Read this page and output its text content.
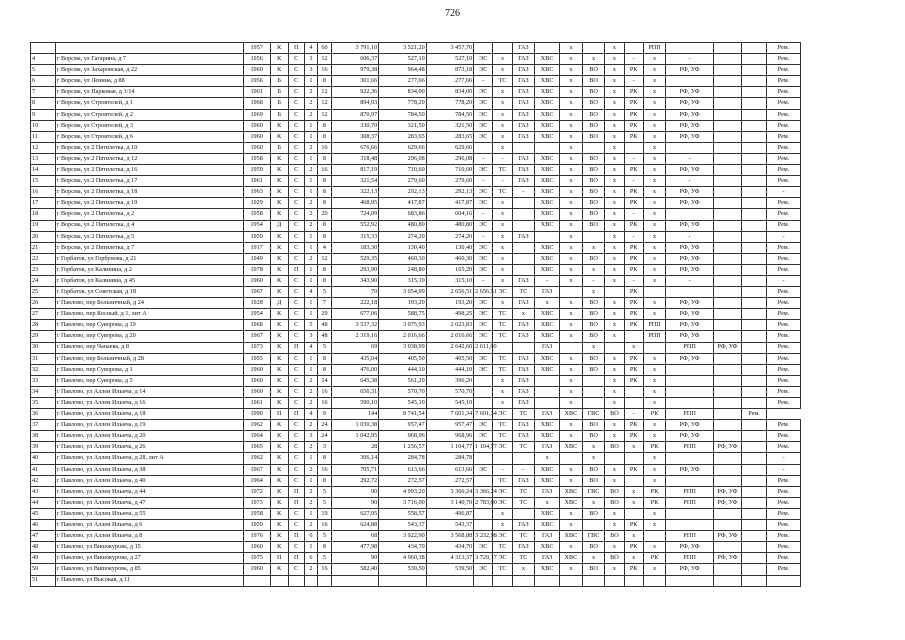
726
		1957	К	П	4	60	3 791,10	3 521,20	3 457,70			ГАЗ		х		х		РПП				Рем.
4	г Ворсма, ул Гагарина, д 7	1956	К	С	3	12	606,37	527,10	527,10	ЭС	х	ГАЗ	ХВС	х	х	х	-	х	-			Рем.
5	г Ворсма, ул Захаровская, д 22	1960	К	С	3	16	979,38	964,48	873,18	ЭС	х	ГАЗ	ХВС	х	ВО	х	РК	х	РФ, УФ			Рем.
6	г Ворсма, ул Ленина, д 88	1956	Б	С	1	8	301,66	277,66	277,66	-	ТС	ГАЗ	ХВС	х	ВО	х	-	х				Рем.
7	г Ворсма, ул Парковая, д 1/14	1961	Б	С	2	12	922,36	834,00	834,00	ЭС	х	ГАЗ	ХВС	х	ВО	х	РК	х	РФ, УФ			Рем.
8	г Ворсма, ул Строителей, д 1	1968	Б	С	2	12	894,93	778,20	778,20	ЭС	х	ГАЗ	ХВС	х	ВО	х	РК	х	РФ, УФ			Рем.
9	г Ворсма, ул Строителей, д 2	1969	Б	С	2	12	870,97	784,50	784,50	ЭС	х	ГАЗ	ХВС	х	ВО	х	РК	х	РФ, УФ			Рем.
10	г Ворсма, ул Строителей, д 3	1960	К	С	1	8	330,70	321,50	321,50	ЭС	х	ГАЗ	ХВС	х	ВО	х	РК	х	РФ, УФ			Рем.
11	г Ворсма, ул Строителей, д 6	1960	К	С	1	8	308,37	283,65	283,65	ЭС	х	ГАЗ	ХВС	х	ВО	х	РК	х	РФ, УФ			Рем.
12	г Ворсма, ул 2 Пятилетка, д 10	1960	Б	С	2	16	676,66	629,66	629,66		х			х		х		х				Рем.
13	г Ворсма, ул 2 Пятилетка, д 12	1958	К	С	1	8	318,48	296,08	296,08	-	-	ГАЗ	ХВС	х	ВО	х	-	х	-			Рем.
14	г Ворсма, ул 2 Пятилетка, д 16	1959	К	С	2	16	817,19	710,60	710,60	ЭС	ТС	ГАЗ	ХВС	х	ВО	х	РК	х	РФ, УФ			Рем.
15	г Ворсма, ул 2 Пятилетка, д 17	1961	К	С	1	8	321,54	279,60	279,60	-	-	ГАЗ	ХВС	х	ВО	х	-	х	-			Рем.
16	г Ворсма, ул 2 Пятилетка, д 18	1963	К	С	1	8	322,13	292,13	292,13	ЭС	ТС	-	ХВС	х	ВО	х	РК	х	РФ, УФ			-
17	г Ворсма, ул 2 Пятилетка, д 19	1929	К	С	2	8	468,95	417,87	417,87	ЭС	х		ХВС	х	ВО	х	РК	х	РФ, УФ			Рем.
18	г Ворсма, ул 2 Пятилетка, д 2	1958	К	С	2	20	724,09	683,86	604,16	-	х		ХВС	х	ВО	х	-	х				Рем.
19	г Ворсма, ул 2 Пятилетка, д 4	1954	Д	С	2	8	552,92	480,80	480,80	ЭС	х		ХВС	х	ВО	х	РК	х	РФ, УФ			Рем.
20	г Ворсма, ул 2 Пятилетка, д 5	1959	К	С	1	8	315,33	274,20	274,20	-	х	ГАЗ		х		х	-	х	-			-
21	г Ворсма, ул 2 Пятилетка, д 7	1917	К	С	1	4	183,30	130,40	130,40	ЭС	х		ХВС	х	х	х	РК	х	РФ, УФ			Рем.
22	г Горбатов, ул Горбунова, д 21	1949	К	С	2	12	529,35	460,30	460,30	ЭС	х		ХВС	х	ВО	х	РК	х	РФ, УФ			Рем.
23	г Горбатов, ул Калинина, д 2	1978	К	П	1	8	293,90	248,80	165,20	ЭС	х		ХВС	х	х	х	РК	х	РФ, УФ			Рем.
24	г Горбатов, ул Калинина, д 45	1960	К	С	1	8	343,90	315,10	315,10	-	х	ГАЗ	-	х	-	х	-	х	-			-
25	г Горбатов, ул Советская, д 18	1967	К	С	4	5	70	3 054,99	2 656,51	2 656,51	ЭС	ТС	ГАЗ		х		РК					Рем.
26	г Павлово, пер Больничный, д 24	1928	Д	С	1	7	222,18	193,20	193,20	ЭС	х	ГАЗ	х	х	ВО	х	РК	х	РФ, УФ			Рем.
27	г Павлово, пер Косный, д 1, лит А	1954	К	С	1	29	677,06	588,75	498,25	ЭС	ТС	х	ХВС	х	ВО	х	РК	х	РФ, УФ			Рем.
28	г Павлово, пер Суворова, д 19	1968	К	С	5	48	3 537,32	3 075,93	2 023,83	ЭС	ТС	ГАЗ	ХВС	х	ВО	х	РК	РПП	РФ, УФ			Рем.
29	г Павлово, пер Суворова, д 20	1967	К	С	3	48	2 319,16	2 016,66	2 016,66	ЭС	ТС	ГАЗ	ХВС	х	ВО	х		РПП	РФ, УФ			Рем.
30	г Павлово, пер Чапаева, д 8	1973	К	П	4	5	69	3 038,99	2 642,60	2 611,00			ГАЗ		х		х		РПП	РФ, УФ		Рем.
31	г Павлово, пер Больничный, д 28	1955	К	С	1	8	435,04	405,50	405,50	ЭС	ТС	ГАЗ	ХВС	х	ВО	х	РК	х	РФ, УФ			Рем.
32	г Павлово, пер Суворова, д 1	1960	К	С	1	8	476,00	444,10	444,10	ЭС	ТС	ГАЗ	ХВС	х	ВО	х	РК	х				Рем.
33	г Павлово, пер Суворова, д 5	1960	К	С	2	14	645,38	561,20	396,20		х	ГАЗ		х		х	РК	х				Рем.
34	г Павлово, ул Аллеи Ильича, д 14	1960	К	С	2	16	656,31	570,70	570,70		х	ГАЗ		х		х		х				Рем.
35	г Павлово, ул Аллеи Ильича, д 16	1961	К	С	2	16	590,10	545,10	545,10		х	ГАЗ		х		х		х				Рем.
36	г Павлово, ул Аллеи Ильича, д 18	1990	П	П	4	9	144	8 741,54	7 601,34	7 601,34	ЭС	ТС	ГАЗ	ХВС	ГВС	ВО	-	РК	РПП		Рем.	
37	г Павлово, ул Аллеи Ильича, д 19	1962	К	С	2	24	1 030,38	957,47	957,47	ЭС	ТС	ГАЗ	ХВС	х	ВО	х	РК	х	РФ, УФ			Рем.
38	г Павлово, ул Аллеи Ильича, д 20	1964	К	С	3	24	1 042,95	968,96	968,96	ЭС	ТС	ГАЗ	ХВС	х	ВО	х	РК	х	РФ, УФ			Рем.
39	г Павлово, ул Аллеи Ильича, д 26	1965	К	С	2	3	28	1 256,57	1 104,77	1 104,77	ЭС	ТС	ГАЗ	ХВС	х	ВО	х	РК	РПП	РФ, УФ		Рем.
40	г Павлово, ул Аллеи Ильича, д 28, лит А	1962	К	С	1	8	306,14	284,78	284,78				х		х			х				-
41	г Павлово, ул Аллеи Ильича, д 38	1967	К	С	2	16	705,71	613,66	613,66	ЭС	-	-	ХВС	х	ВО	х	РК	х	РФ, УФ			-
42	г Павлово, ул Аллеи Ильича, д 40	1964	К	С	1	8	292,72	272,57	272,57		ТС	ГАЗ	ХВС	х	ВО	х		х				Рем.
43	г Павлово, ул Аллеи Ильича, д 44	1972	К	П	2	5	90	4 993,20	3 366,24	3 366,24	ЭС	ТС	ГАЗ	ХВС	ГВС	ВО	х	РК	РПП	РФ, УФ		Рем.
44	г Павлово, ул Аллеи Ильича, д 47	1973	К	П	2	5	90	3 716,00	3 140,70	2 783,00	ЭС	ТС	х	ХВС	х	ВО	х	РК	РПП	РФ, УФ		Рем.
45	г Павлово, ул Аллеи Ильича, д 55	1958	К	С	1	19	627,95	558,57	496,87		х		ХВС	х	ВО	х		х				Рем.
46	г Павлово, ул Аллеи Ильича, д 6	1959	К	С	2	16	624,88	543,37	543,37		х	ГАЗ	ХВС	х		х	РК	х				Рем.
47	г Павлово, ул Аллеи Ильича, д 8	1976	К	П	6	5	68	3 922,90	3 568,88	3 232,98	ЭС	ТС	ГАЗ	ХВС	ГВС	ВО	х		РПП	РФ, УФ		Рем.
48	г Павлово, ул Вишокурова, д 15	1960	К	С	1	8	477,98	434,70	434,70	ЭС	ТС	ГАЗ	ХВС	х	ВО	х	РК	х	РФ, УФ			Рем.
49	г Павлово, ул Вишокурова, д 27	1975	П	П	6	5	90	4 960,38	4 313,37	3 729,17	ЭС	ТС	ГАЗ	ХВС	х	ВО	х	РК	РПП	РФ, УФ		Рем.
50	г Павлово, ул Вишокурова, д 85	1960	К	С	2	16	582,40	539,50	539,50	ЭС	ТС	х	ХВС	х	ВО	х	РК	х	РФ, УФ			Рем.
51	г Павлово, ул Высокая, д 11																					
